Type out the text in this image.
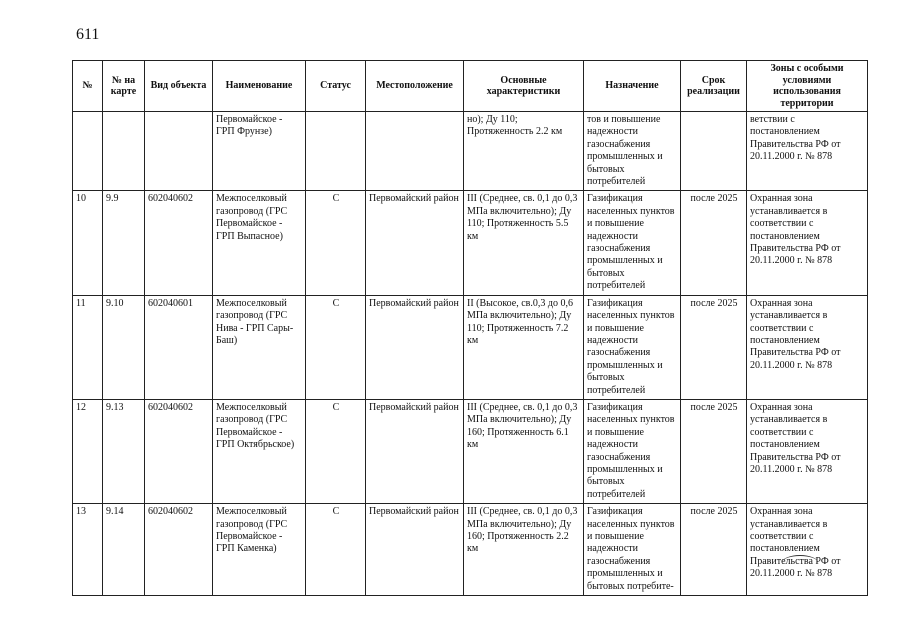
611
№	№ на карте	Вид объекта	Наименование	Статус	Местоположение	Основные характеристики	Назначение	Срок реализации	Зоны с особыми условиями использования территории
			Первомайское - ГРП Фрунзе)			но); Ду 110; Протяженность 2.2 км	тов и повышение надежности газоснабжения промышленных и бытовых потребителей		ветствии с постановлением Правительства РФ от 20.11.2000 г. № 878
10	9.9	602040602	Межпоселковый газопровод (ГРС Первомайское - ГРП Выпасное)	С	Первомайский район	III (Среднее, св. 0,1 до 0,3 МПа включительно); Ду 110; Протяженность 5.5 км	Газификация населенных пунктов и повышение надежности газоснабжения промышленных и бытовых потребителей	после 2025	Охранная зона устанавливается в соответствии с постановлением Правительства РФ от 20.11.2000 г. № 878
11	9.10	602040601	Межпоселковый газопровод (ГРС Нива - ГРП Сары-Баш)	С	Первомайский район	II (Высокое, св.0,3 до 0,6 МПа включительно); Ду 110; Протяженность 7.2 км	Газификация населенных пунктов и повышение надежности газоснабжения промышленных и бытовых потребителей	после 2025	Охранная зона устанавливается в соответствии с постановлением Правительства РФ от 20.11.2000 г. № 878
12	9.13	602040602	Межпоселковый газопровод (ГРС Первомайское - ГРП Октябрьское)	С	Первомайский район	III (Среднее, св. 0,1 до 0,3 МПа включительно); Ду 160; Протяженность 6.1 км	Газификация населенных пунктов и повышение надежности газоснабжения промышленных и бытовых потребителей	после 2025	Охранная зона устанавливается в соответствии с постановлением Правительства РФ от 20.11.2000 г. № 878
13	9.14	602040602	Межпоселковый газопровод (ГРС Первомайское - ГРП Каменка)	С	Первомайский район	III (Среднее, св. 0,1 до 0,3 МПа включительно); Ду 160; Протяженность 2.2 км	Газификация населенных пунктов и повышение надежности газоснабжения промышленных и бытовых потребите-	после 2025	Охранная зона устанавливается в соответствии с постановлением Правительства РФ от 20.11.2000 г. № 878
